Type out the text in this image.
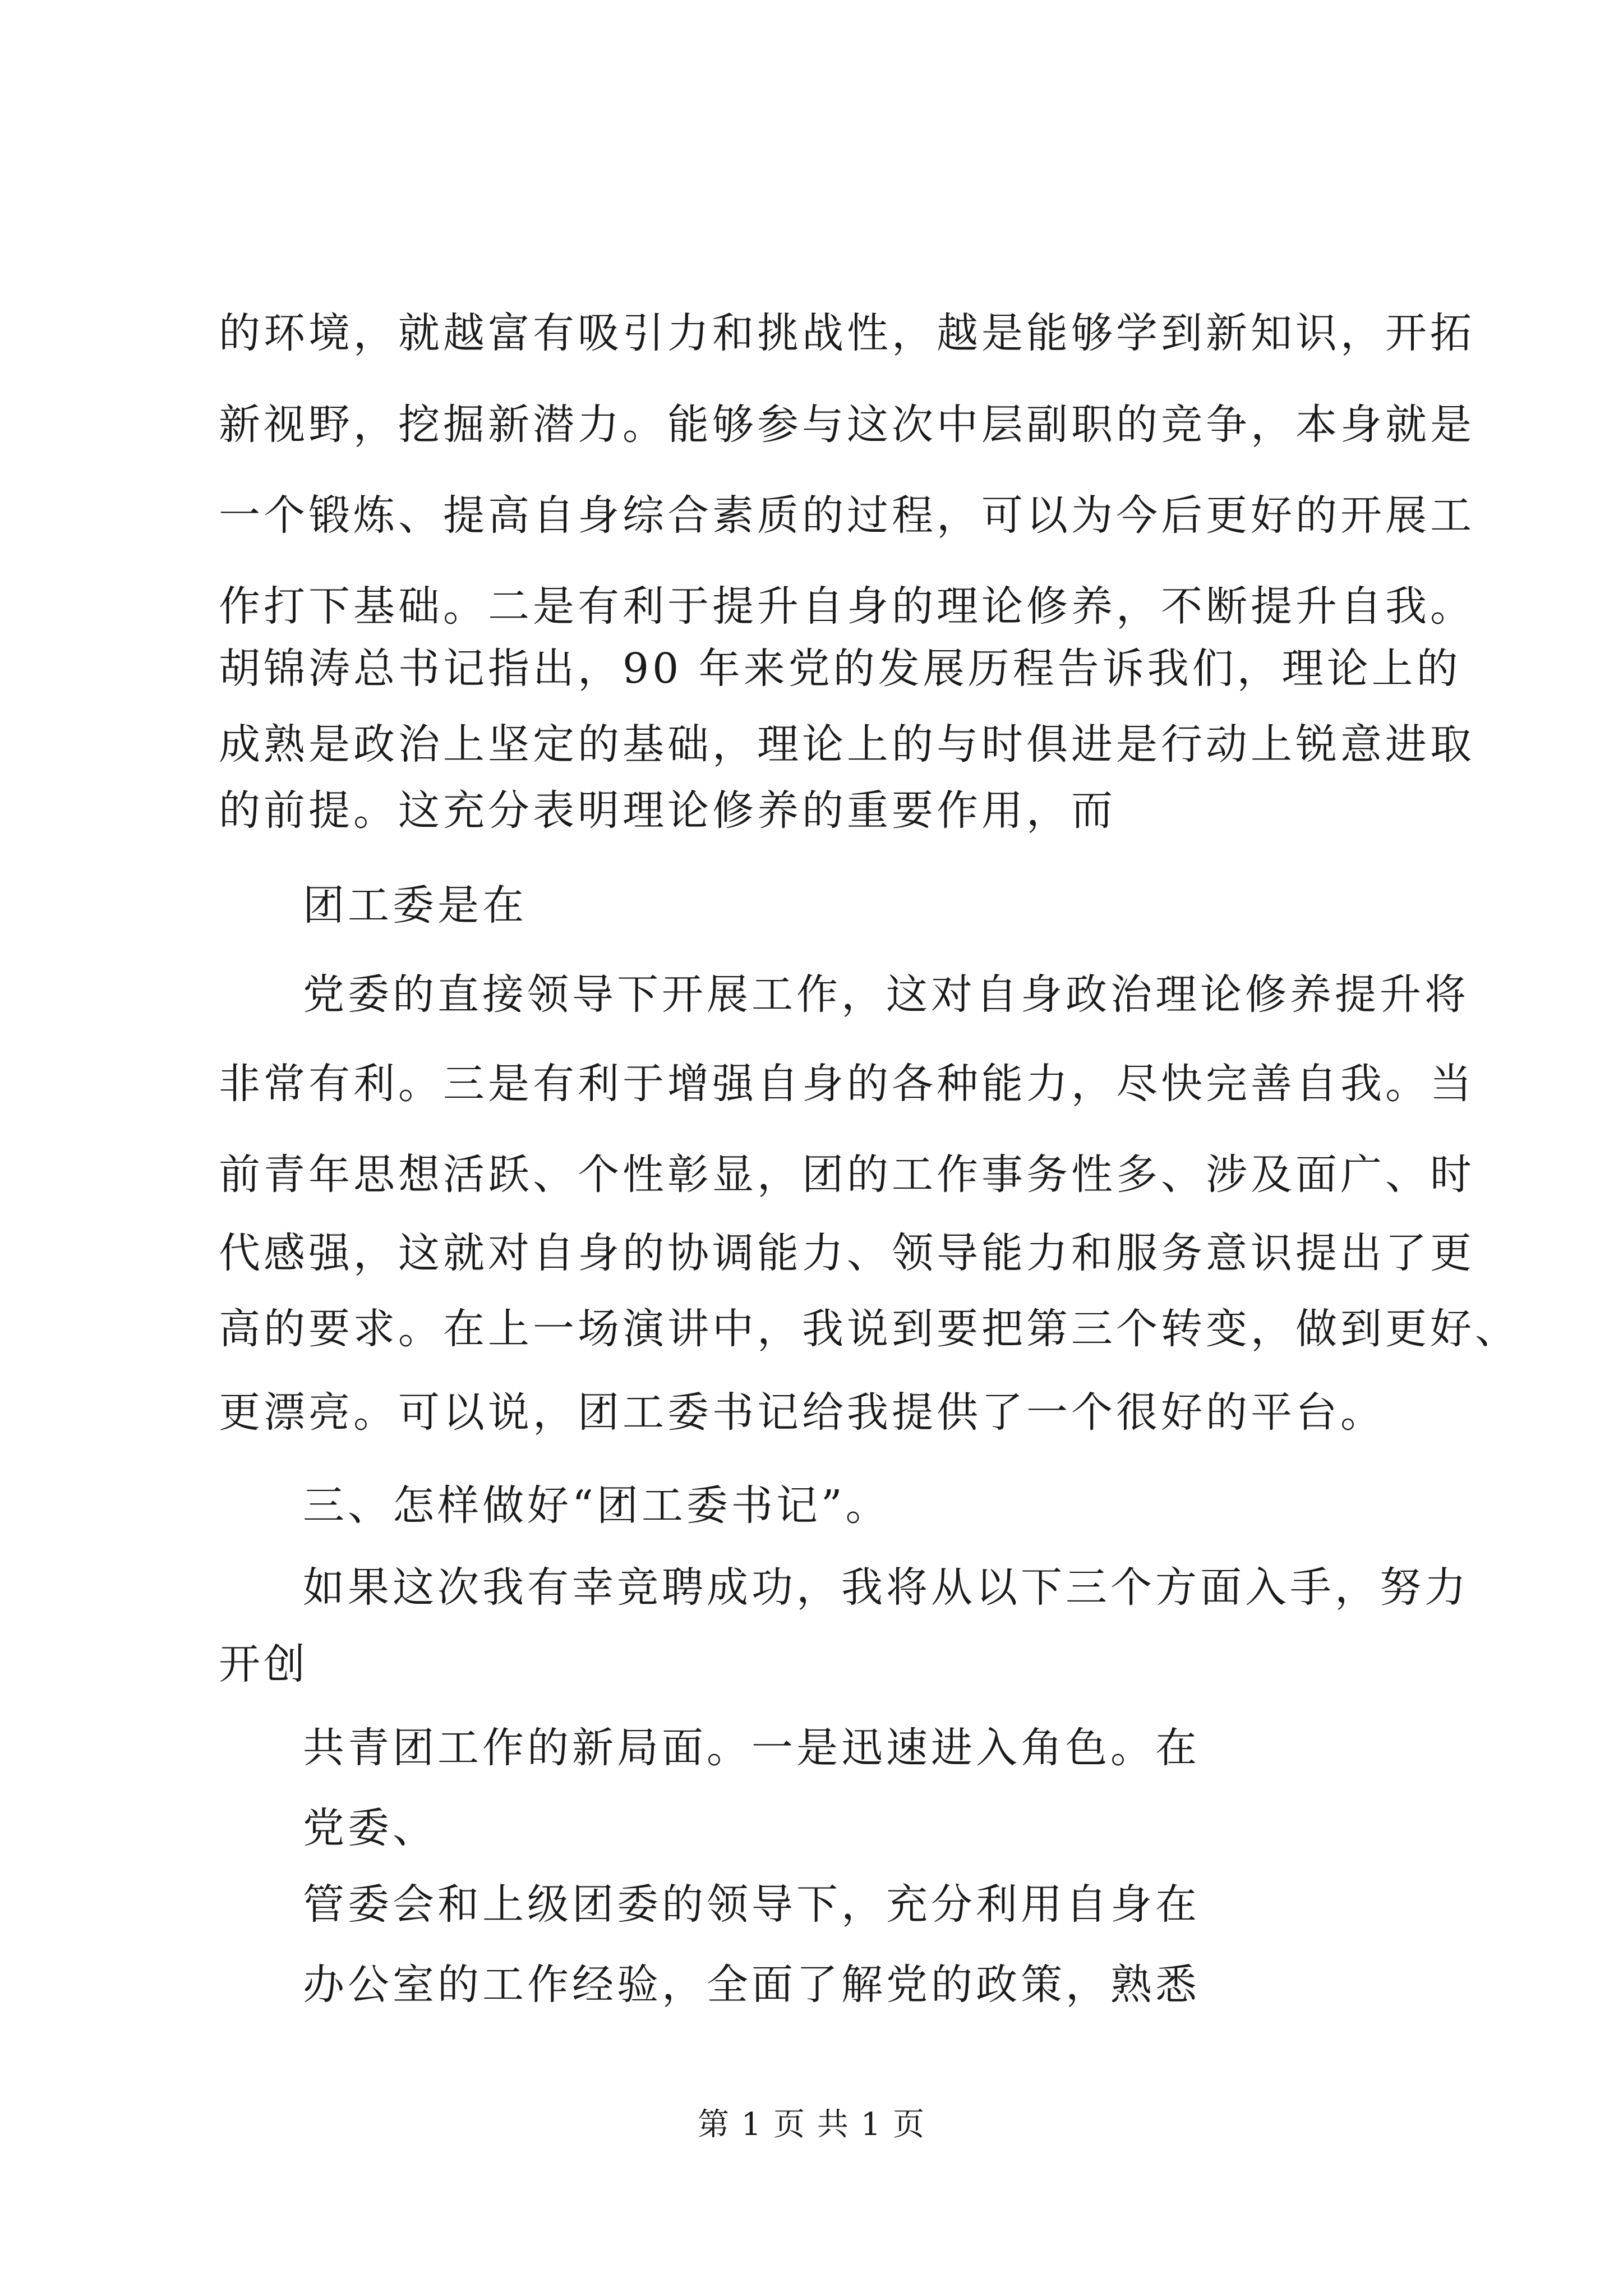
的环境，就越富有吸引力和挑战性，越是能够学到新知识，开拓
新视野，挖掘新潜力。能够参与这次中层副职的竞争，本身就是
一个锻炼、提高自身综合素质的过程，可以为今后更好的开展工
作打下基础。二是有利于提升自身的理论修养，不断提升自我。
胡锦涛总书记指出，90 年来党的发展历程告诉我们，理论上的
成熟是政治上坚定的基础，理论上的与时俱进是行动上锐意进取
的前提。这充分表明理论修养的重要作用，而
团工委是在
党委的直接领导下开展工作，这对自身政治理论修养提升将
非常有利。三是有利于增强自身的各种能力，尽快完善自我。当
前青年思想活跃、个性彰显，团的工作事务性多、涉及面广、时
代感强，这就对自身的协调能力、领导能力和服务意识提出了更
高的要求。在上一场演讲中，我说到要把第三个转变，做到更好、
更漂亮。可以说，团工委书记给我提供了一个很好的平台。
三、怎样做好“团工委书记”。
如果这次我有幸竞聘成功，我将从以下三个方面入手，努力
开创
共青团工作的新局面。一是迅速进入角色。在
党委、
管委会和上级团委的领导下，充分利用自身在
办公室的工作经验，全面了解党的政策，熟悉
第 1 页 共 1 页
